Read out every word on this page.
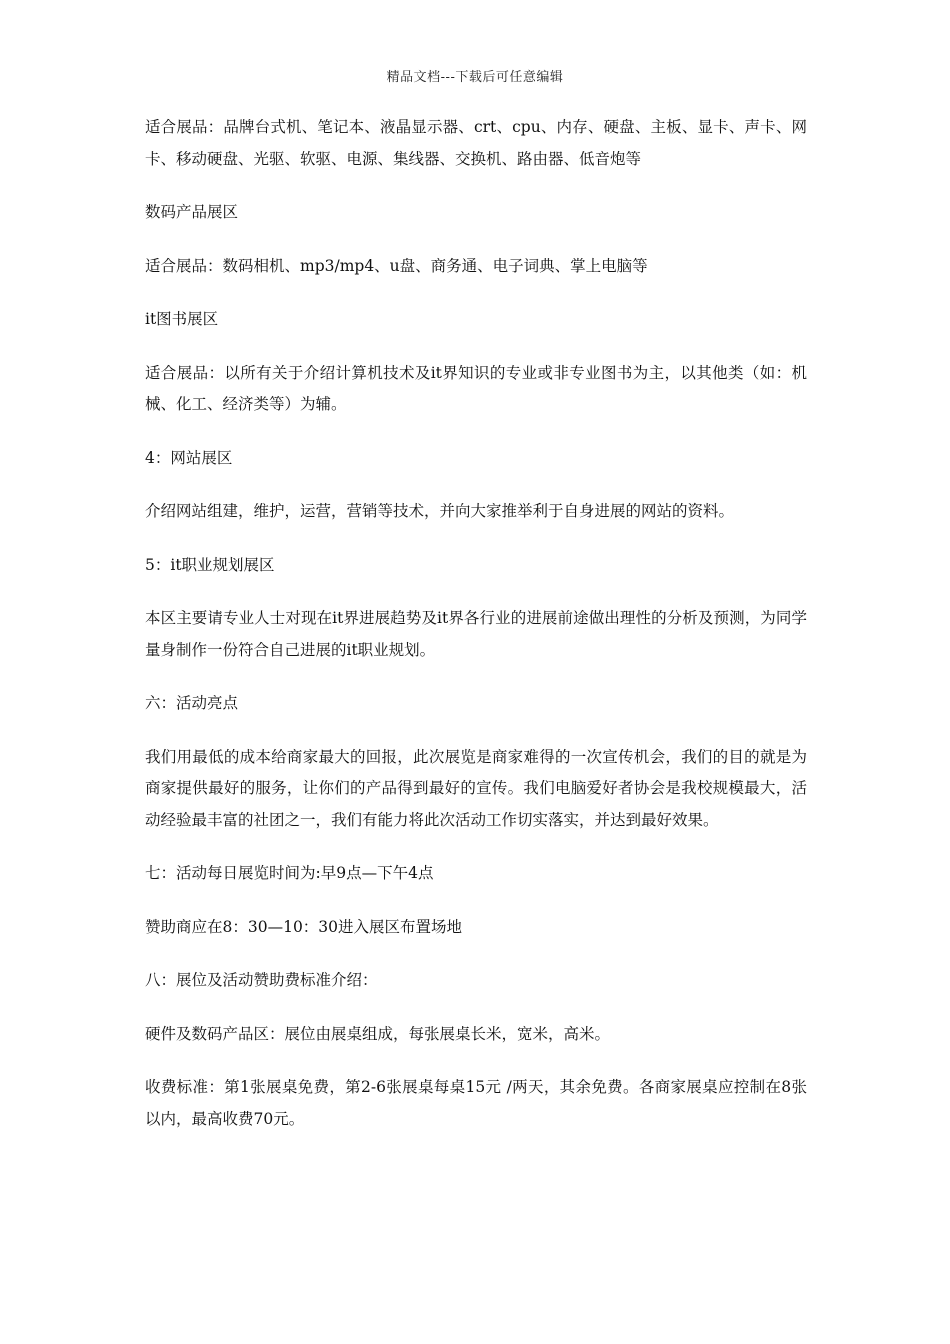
精品文档---下载后可任意编辑

适合展品：品牌台式机、笔记本、液晶显示器、crt、cpu、内存、硬盘、主板、显卡、声卡、网卡、移动硬盘、光驱、软驱、电源、集线器、交换机、路由器、低音炮等

数码产品展区

适合展品：数码相机、mp3/mp4、u盘、商务通、电子词典、掌上电脑等

it图书展区

适合展品：以所有关于介绍计算机技术及it界知识的专业或非专业图书为主，以其他类（如：机械、化工、经济类等）为辅。

4：网站展区

介绍网站组建，维护，运营，营销等技术，并向大家推举利于自身进展的网站的资料。

5：it职业规划展区

本区主要请专业人士对现在it界进展趋势及it界各行业的进展前途做出理性的分析及预测，为同学量身制作一份符合自己进展的it职业规划。

六：活动亮点

我们用最低的成本给商家最大的回报，此次展览是商家难得的一次宣传机会，我们的目的就是为商家提供最好的服务，让你们的产品得到最好的宣传。我们电脑爱好者协会是我校规模最大，活动经验最丰富的社团之一，我们有能力将此次活动工作切实落实，并达到最好效果。

七：活动每日展览时间为:早9点—下午4点

赞助商应在8：30—10：30进入展区布置场地

八：展位及活动赞助费标准介绍：

硬件及数码产品区：展位由展桌组成，每张展桌长米，宽米，高米。

收费标准：第1张展桌免费，第2-6张展桌每桌15元 /两天，其余免费。各商家展桌应控制在8张以内，最高收费70元。
